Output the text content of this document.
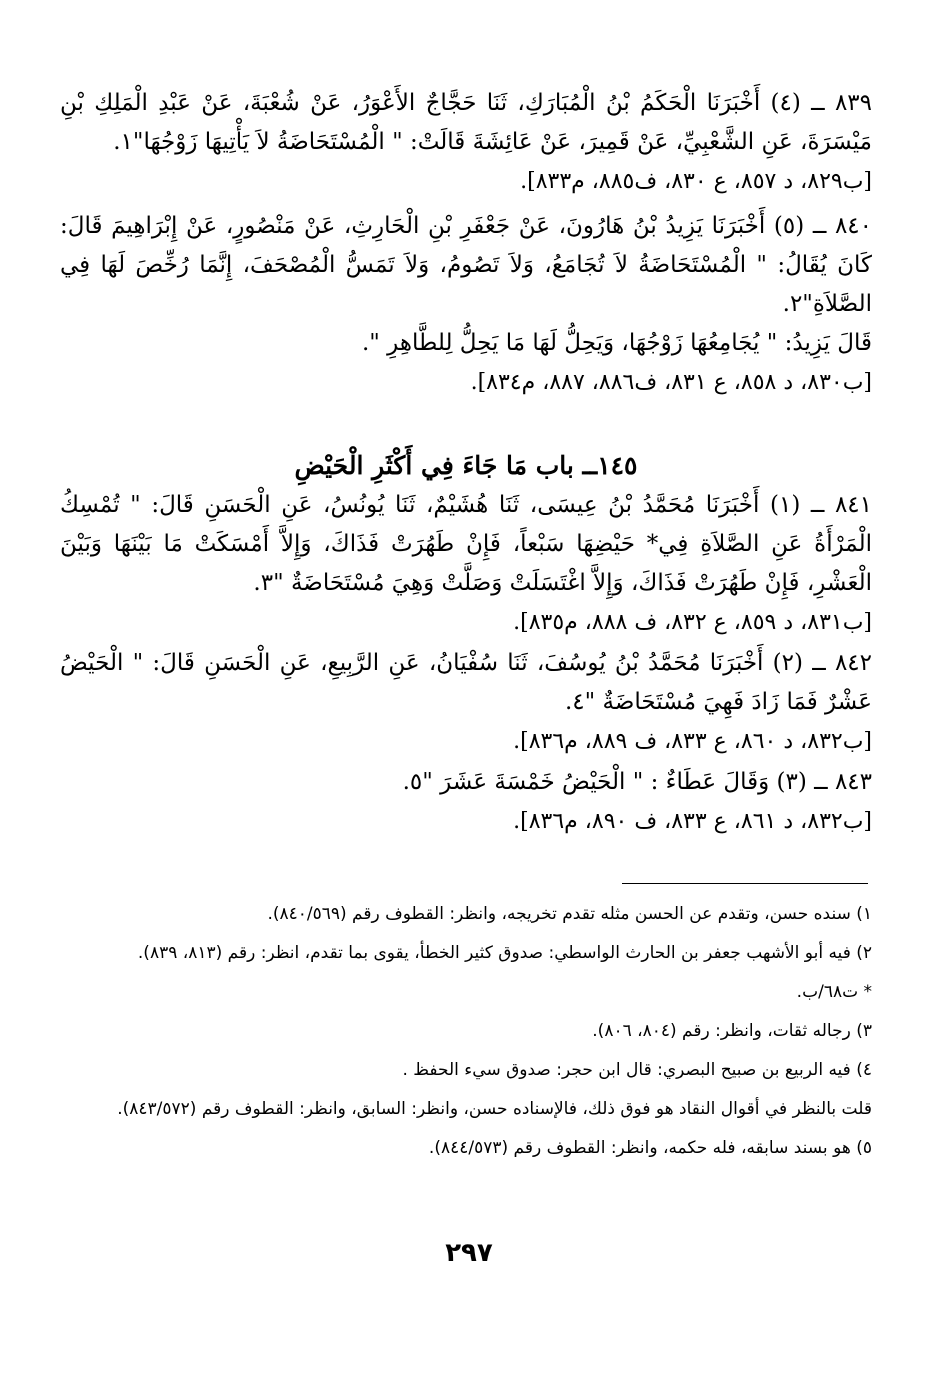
٨٣٩ ــ (٤) أَخْبَرَنَا الْحَكَمُ بْنُ الْمُبَارَكِ، ثَنَا حَجَّاجٌ الأَعْوَرُ، عَنْ شُعْبَةَ، عَنْ عَبْدِ الْمَلِكِ بْنِ مَيْسَرَةَ، عَنِ الشَّعْبِيِّ، عَنْ قَمِيرَ، عَنْ عَائِشَةَ قَالَتْ: " الْمُسْتَحَاضَةُ لاَ يَأْتِيهَا زَوْجُهَا"١.

[ب٨٢٩، د ٨٥٧، ع ٨٣٠، ف٨٨٥، م٨٣٣].

٨٤٠ ــ (٥) أَخْبَرَنَا يَزِيدُ بْنُ هَارُونَ، عَنْ جَعْفَرِ بْنِ الْحَارِثِ، عَنْ مَنْصُورٍ، عَنْ إِبْرَاهِيمَ قَالَ: كَانَ يُقَالُ: " الْمُسْتَحَاضَةُ لاَ تُجَامَعُ، وَلاَ تَصُومُ، وَلاَ تَمَسُّ الْمُصْحَفَ، إِنَّمَا رُخِّصَ لَهَا فِي الصَّلاَةِ"٢.

قَالَ يَزِيدُ: " يُجَامِعُهَا زَوْجُهَا، وَيَحِلُّ لَهَا مَا يَحِلُّ لِلطَّاهِرِ ".

[ب٨٣٠، د ٨٥٨، ع ٨٣١، ف٨٨٦، ٨٨٧، م٨٣٤].

١٤٥ــ باب مَا جَاءَ فِي أَكْثَرِ الْحَيْضِ

٨٤١ ــ (١) أَخْبَرَنَا مُحَمَّدُ بْنُ عِيسَى، ثَنَا هُشَيْمٌ، ثَنَا يُونُسُ، عَنِ الْحَسَنِ قَالَ: " تُمْسِكُ الْمَرْأَةُ عَنِ الصَّلاَةِ فِي* حَيْضِهَا سَبْعاً، فَإِنْ طَهُرَتْ فَذَاكَ، وَإِلاَّ أَمْسَكَتْ مَا بَيْنَهَا وَبَيْنَ الْعَشْرِ، فَإِنْ طَهُرَتْ فَذَاكَ، وَإِلاَّ اغْتَسَلَتْ وَصَلَّتْ وَهِيَ مُسْتَحَاضَةٌ "٣.

[ب٨٣١، د ٨٥٩، ع ٨٣٢، ف ٨٨٨، م٨٣٥].

٨٤٢ ــ (٢) أَخْبَرَنَا مُحَمَّدُ بْنُ يُوسُفَ، ثَنَا سُفْيَانُ، عَنِ الرَّبِيعِ، عَنِ الْحَسَنِ قَالَ: " الْحَيْضُ عَشْرٌ فَمَا زَادَ فَهِيَ مُسْتَحَاضَةٌ "٤.

[ب٨٣٢، د ٨٦٠، ع ٨٣٣، ف ٨٨٩، م٨٣٦].

٨٤٣ ــ (٣) وَقَالَ عَطَاءٌ : " الْحَيْضُ خَمْسَةَ عَشَرَ "٥.

[ب٨٣٢، د ٨٦١، ع ٨٣٣، ف ٨٩٠، م٨٣٦].

١) سنده حسن، وتقدم عن الحسن مثله تقدم تخريجه، وانظر: القطوف رقم (٨٤٠/٥٦٩).

٢) فيه أبو الأشهب جعفر بن الحارث الواسطي: صدوق كثير الخطأ، يقوى بما تقدم، انظر: رقم (٨١٣، ٨٣٩).

* ت٦٨/ب.

٣) رجاله ثقات، وانظر: رقم (٨٠٤، ٨٠٦).

٤) فيه الربيع بن صبيح البصري: قال ابن حجر: صدوق سيء الحفظ .

قلت بالنظر في أقوال النقاد هو فوق ذلك، فالإسناده حسن، وانظر: السابق، وانظر: القطوف رقم (٨٤٣/٥٧٢).

٥) هو بسند سابقه، فله حكمه، وانظر: القطوف رقم (٨٤٤/٥٧٣).

٢٩٧
